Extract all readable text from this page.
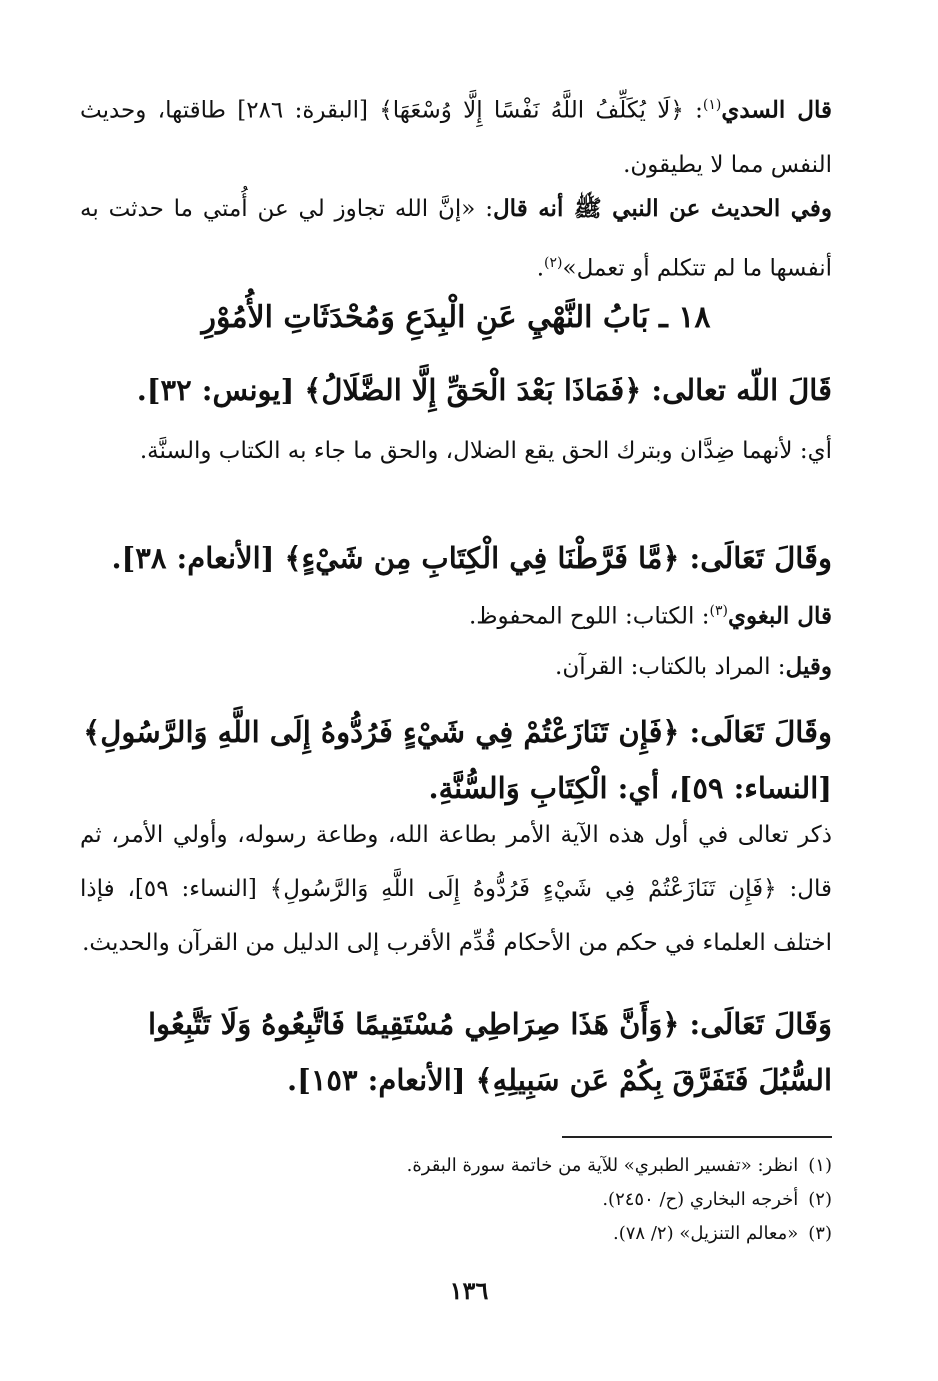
قال السدي$^{(١)}$: ﴿لَا يُكَلِّفُ اللَّهُ نَفْسًا إِلَّا وُسْعَهَا﴾ [البقرة: ٢٨٦] طاقتها، وحديث النفس مما لا يطيقون.

وفي الحديث عن النبي ﷺ أنه قال: «إنَّ الله تجاوز لي عن أُمتي ما حدثت به أنفسها ما لم تتكلم أو تعمل»$^{(٢)}$.

١٨ ـ بَابُ النَّهْيِ عَنِ الْبِدَعِ وَمُحْدَثَاتِ الأُمُوْرِ

قَالَ اللّه تعالى: ﴿فَمَاذَا بَعْدَ الْحَقِّ إِلَّا الضَّلَالُ﴾ [يونس: ٣٢].

أي: لأنهما ضِدَّان وبترك الحق يقع الضلال، والحق ما جاء به الكتاب والسنَّة.

وقَالَ تَعَالَى: ﴿مَّا فَرَّطْنَا فِي الْكِتَابِ مِن شَيْءٍ﴾ [الأنعام: ٣٨].

قال البغوي$^{(٣)}$: الكتاب: اللوح المحفوظ.

وقيل: المراد بالكتاب: القرآن.

وقَالَ تَعَالَى: ﴿فَإِن تَنَازَعْتُمْ فِي شَيْءٍ فَرُدُّوهُ إِلَى اللَّهِ وَالرَّسُولِ﴾ [النساء: ٥٩]، أي: الْكِتَابِ وَالسُّنَّةِ.

ذكر تعالى في أول هذه الآية الأمر بطاعة الله، وطاعة رسوله، وأولي الأمر، ثم قال: ﴿فَإِن تَنَازَعْتُمْ فِي شَيْءٍ فَرُدُّوهُ إِلَى اللَّهِ وَالرَّسُولِ﴾ [النساء: ٥٩]، فإذا اختلف العلماء في حكم من الأحكام قُدِّم الأقرب إلى الدليل من القرآن والحديث.

وَقَالَ تَعَالَى: ﴿وَأَنَّ هَذَا صِرَاطِي مُسْتَقِيمًا فَاتَّبِعُوهُ وَلَا تَتَّبِعُوا السُّبُلَ فَتَفَرَّقَ بِكُمْ عَن سَبِيلِهِ﴾ [الأنعام: ١٥٣].

(١) انظر: «تفسير الطبري» للآية من خاتمة سورة البقرة.

(٢) أخرجه البخاري (ح/ ٢٤٥٠).

(٣) «معالم التنزيل» (٢/ ٧٨).

١٣٦
